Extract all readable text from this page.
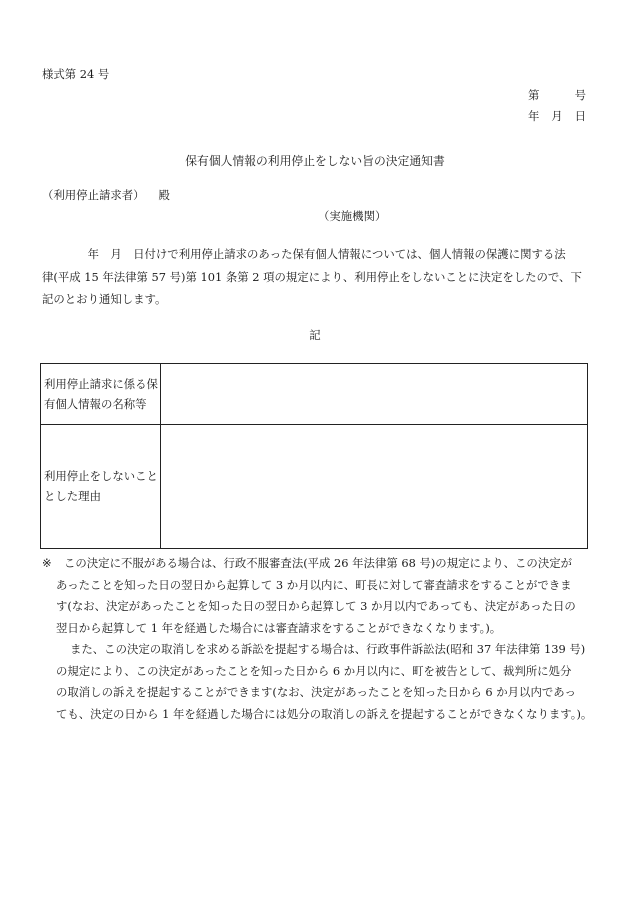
様式第 24 号
第	号
年 月 日
保有個人情報の利用停止をしない旨の決定通知書
（利用停止請求者） 殿
（実施機関）
　　　　年　月　日付けで利用停止請求のあった保有個人情報については、個人情報の保護に関する法
律(平成 15 年法律第 57 号)第 101 条第 2 項の規定により、利用停止をしないことに決定をしたので、下
記のとおり通知します。
記
利用停止請求に係る保有個人情報の名称等
利用停止をしないこととした理由
※ この決定に不服がある場合は、行政不服審査法(平成 26 年法律第 68 号)の規定により、この決定が
あったことを知った日の翌日から起算して 3 か月以内に、町長に対して審査請求をすることができま
す(なお、決定があったことを知った日の翌日から起算して 3 か月以内であっても、決定があった日の
翌日から起算して 1 年を経過した場合には審査請求をすることができなくなります。)。
また、この決定の取消しを求める訴訟を提起する場合は、行政事件訴訟法(昭和 37 年法律第 139 号)
の規定により、この決定があったことを知った日から 6 か月以内に、町を被告として、裁判所に処分
の取消しの訴えを提起することができます(なお、決定があったことを知った日から 6 か月以内であっ
ても、決定の日から 1 年を経過した場合には処分の取消しの訴えを提起することができなくなります。)。
